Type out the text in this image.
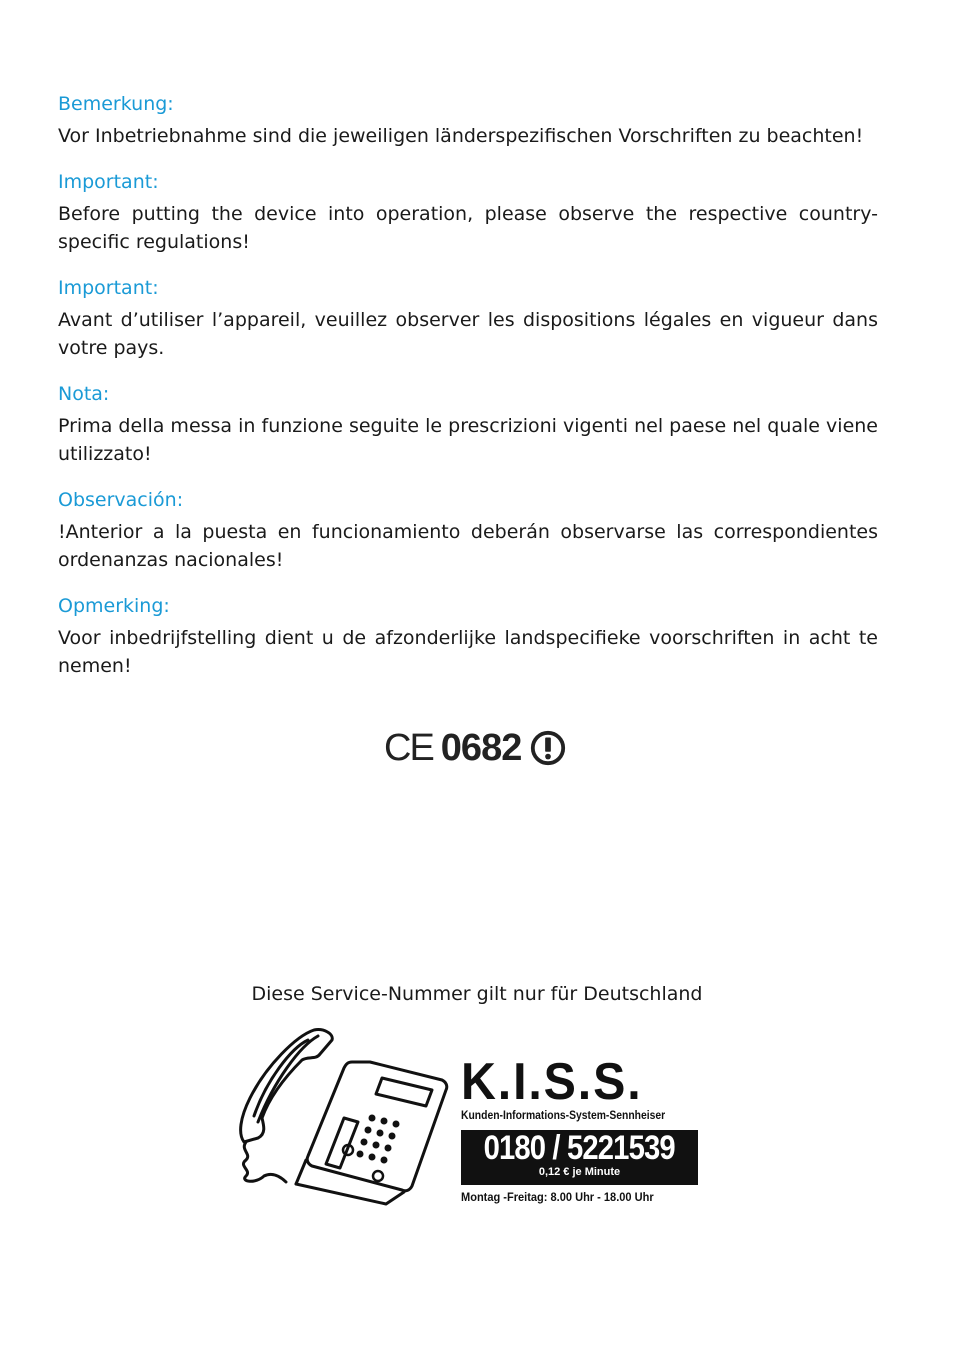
Bemerkung:

Vor Inbetriebnahme sind die jeweiligen länderspezifischen Vorschriften zu beachten!

Important:

Before putting the device into operation, please observe the respective country-specific regulations!

Important:

Avant d’utiliser l’appareil, veuillez observer les dispositions légales en vigueur dans votre pays.

Nota:

Prima della messa in funzione seguite le prescrizioni vigenti nel paese nel quale viene utilizzato!

Observación:

!Anterior a la puesta en funcionamiento deberán observarse las correspondientes ordenanzas nacionales!

Opmerking:

Voor inbedrijfstelling dient u de afzonderlijke landspecifieke voorschriften in acht te nemen!

CE 0682
Diese Service-Nummer gilt nur für Deutschland
K.I.S.S.
Kunden-Informations-System-Sennheiser
0180 / 5221539
0,12 € je Minute
Montag -Freitag: 8.00 Uhr - 18.00 Uhr
